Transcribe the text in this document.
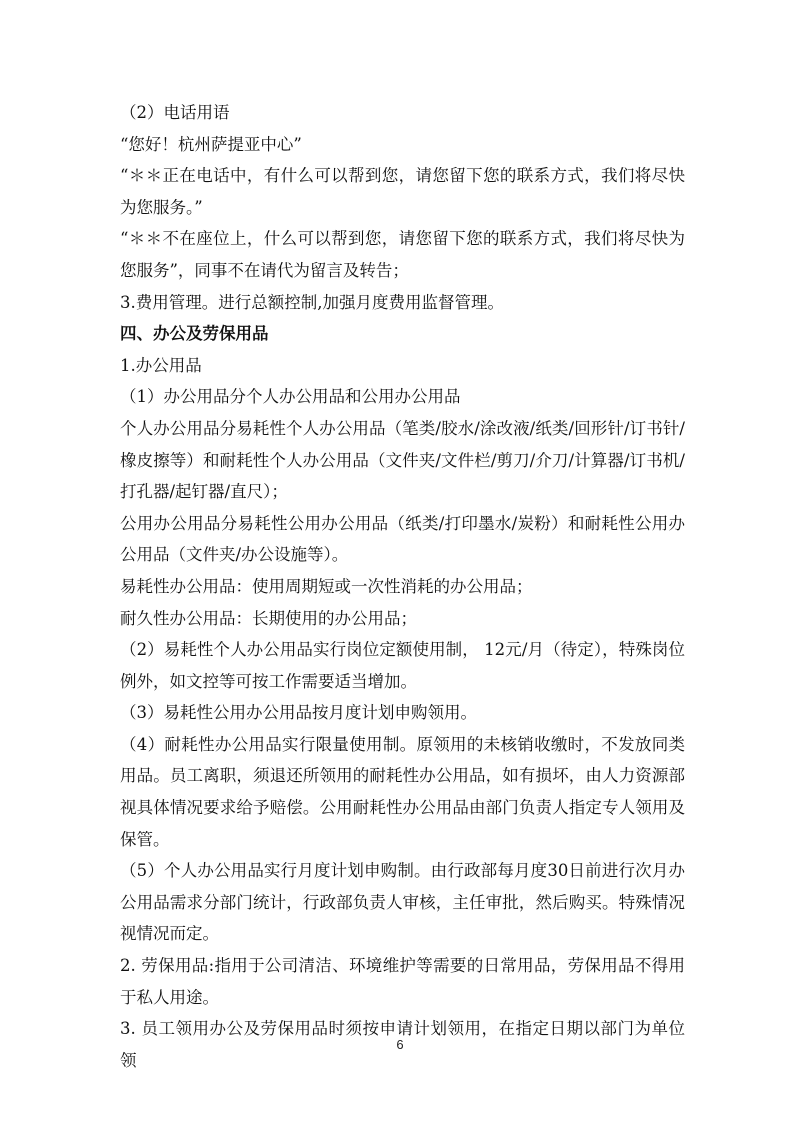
（2）电话用语

“您好！杭州萨提亚中心”

“＊＊正在电话中，有什么可以帮到您，请您留下您的联系方式，我们将尽快为您服务。”

“＊＊不在座位上，什么可以帮到您，请您留下您的联系方式，我们将尽快为您服务”，同事不在请代为留言及转告；

3.费用管理。进行总额控制,加强月度费用监督管理。

四、办公及劳保用品

1.办公用品

（1）办公用品分个人办公用品和公用办公用品

个人办公用品分易耗性个人办公用品（笔类/胶水/涂改液/纸类/回形针/订书针/橡皮擦等）和耐耗性个人办公用品（文件夹/文件栏/剪刀/介刀/计算器/订书机/打孔器/起钉器/直尺）；

公用办公用品分易耗性公用办公用品（纸类/打印墨水/炭粉）和耐耗性公用办公用品（文件夹/办公设施等）。

易耗性办公用品：使用周期短或一次性消耗的办公用品；

耐久性办公用品：长期使用的办公用品；

（2）易耗性个人办公用品实行岗位定额使用制， 12元/月（待定），特殊岗位例外，如文控等可按工作需要适当增加。

（3）易耗性公用办公用品按月度计划申购领用。

（4）耐耗性办公用品实行限量使用制。原领用的未核销收缴时，不发放同类用品。员工离职，须退还所领用的耐耗性办公用品，如有损坏，由人力资源部视具体情况要求给予赔偿。公用耐耗性办公用品由部门负责人指定专人领用及保管。

（5）个人办公用品实行月度计划申购制。由行政部每月度30日前进行次月办公用品需求分部门统计，行政部负责人审核，主任审批，然后购买。特殊情况视情况而定。

2. 劳保用品:指用于公司清洁、环境维护等需要的日常用品，劳保用品不得用于私人用途。

3. 员工领用办公及劳保用品时须按申请计划领用，在指定日期以部门为单位领

6
